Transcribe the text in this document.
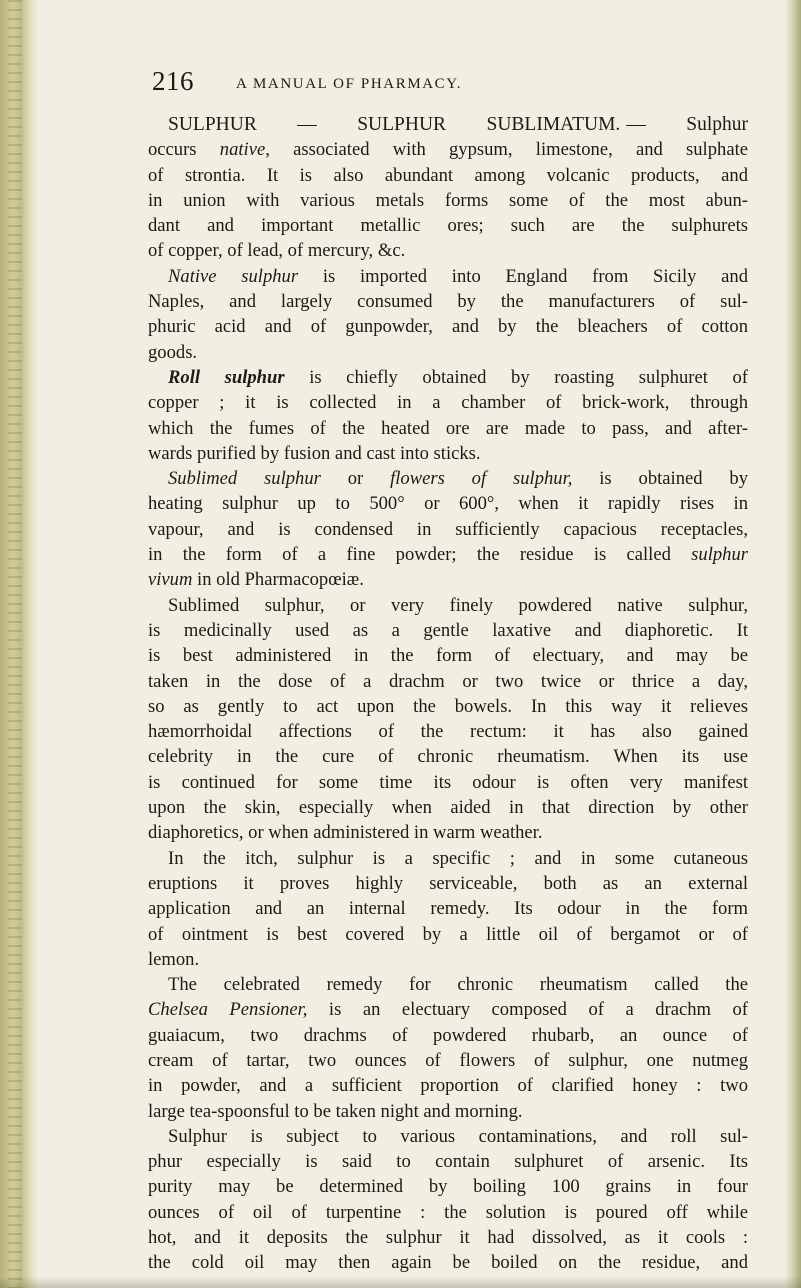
216	A MANUAL OF PHARMACY.
SULPHUR — SULPHUR SUBLIMATUM. — Sulphur
occurs native, associated with gypsum, limestone, and sulphate
of strontia. It is also abundant among volcanic products, and
in union with various metals forms some of the most abun-
dant and important metallic ores; such are the sulphurets
of copper, of lead, of mercury, &c.
Native sulphur is imported into England from Sicily and
Naples, and largely consumed by the manufacturers of sul-
phuric acid and of gunpowder, and by the bleachers of cotton
goods.
Roll sulphur is chiefly obtained by roasting sulphuret of
copper ; it is collected in a chamber of brick-work, through
which the fumes of the heated ore are made to pass, and after-
wards purified by fusion and cast into sticks.
Sublimed sulphur or flowers of sulphur, is obtained by
heating sulphur up to 500° or 600°, when it rapidly rises in
vapour, and is condensed in sufficiently capacious receptacles,
in the form of a fine powder; the residue is called sulphur
vivum in old Pharmacopœiæ.
Sublimed sulphur, or very finely powdered native sulphur,
is medicinally used as a gentle laxative and diaphoretic. It
is best administered in the form of electuary, and may be
taken in the dose of a drachm or two twice or thrice a day,
so as gently to act upon the bowels. In this way it relieves
hæmorrhoidal affections of the rectum: it has also gained
celebrity in the cure of chronic rheumatism. When its use
is continued for some time its odour is often very manifest
upon the skin, especially when aided in that direction by other
diaphoretics, or when administered in warm weather.
In the itch, sulphur is a specific ; and in some cutaneous
eruptions it proves highly serviceable, both as an external
application and an internal remedy. Its odour in the form
of ointment is best covered by a little oil of bergamot or of
lemon.
The celebrated remedy for chronic rheumatism called the
Chelsea Pensioner, is an electuary composed of a drachm of
guaiacum, two drachms of powdered rhubarb, an ounce of
cream of tartar, two ounces of flowers of sulphur, one nutmeg
in powder, and a sufficient proportion of clarified honey : two
large tea-spoonsful to be taken night and morning.
Sulphur is subject to various contaminations, and roll sul-
phur especially is said to contain sulphuret of arsenic. Its
purity may be determined by boiling 100 grains in four
ounces of oil of turpentine : the solution is poured off while
hot, and it deposits the sulphur it had dissolved, as it cools :
the cold oil may then again be boiled on the residue, and
